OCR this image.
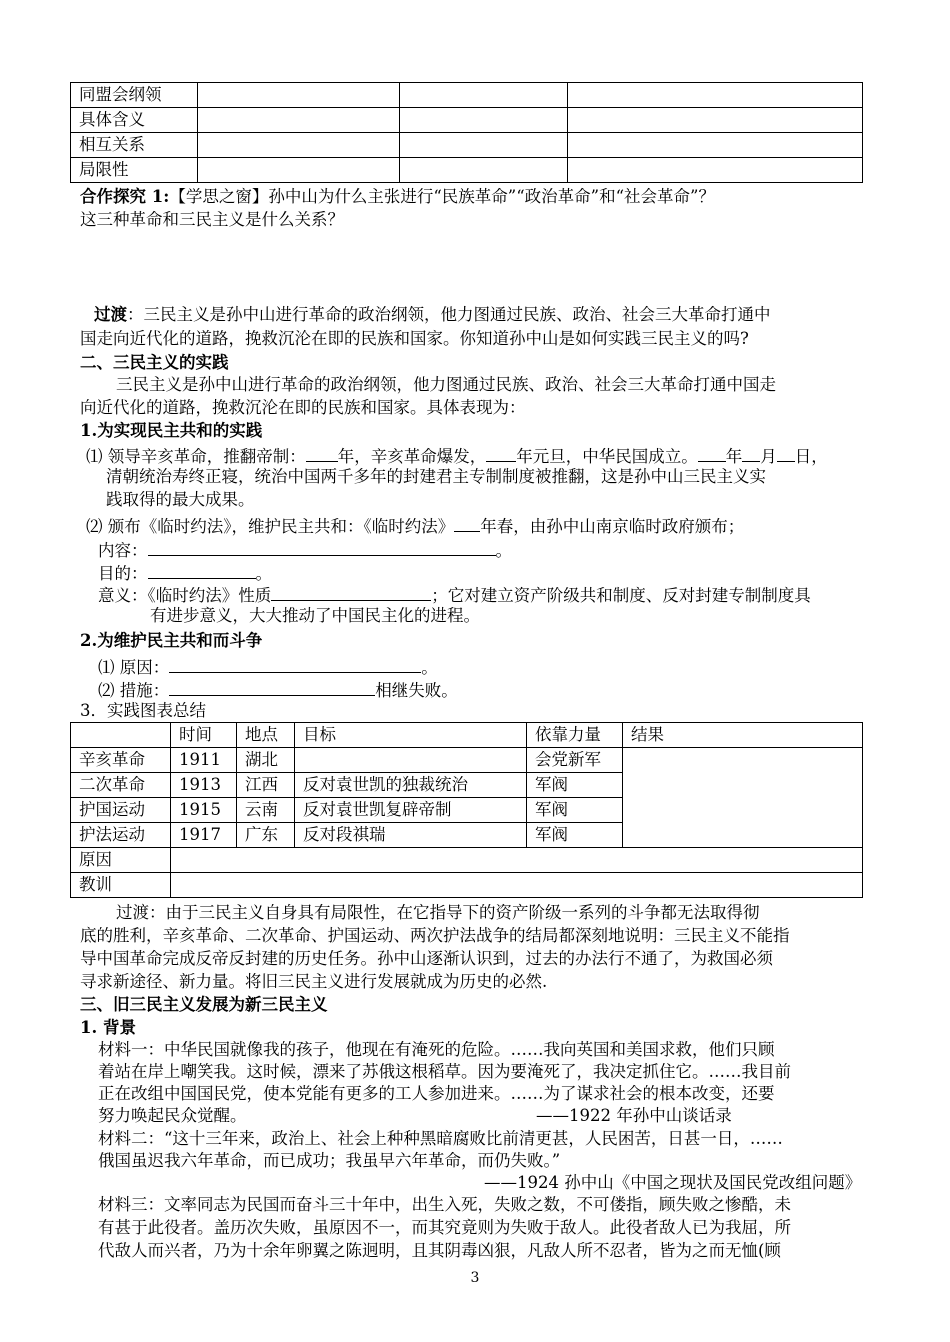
同盟会纲领			
具体含义			
相互关系			
局限性			
合作探究 1:【学思之窗】孙中山为什么主张进行“民族革命”“政治革命”和“社会革命”？
这三种革命和三民主义是什么关系？
过渡：三民主义是孙中山进行革命的政治纲领，他力图通过民族、政治、社会三大革命打通中
国走向近代化的道路，挽救沉沦在即的民族和国家。你知道孙中山是如何实践三民主义的吗?
二、三民主义的实践
三民主义是孙中山进行革命的政治纲领，他力图通过民族、政治、社会三大革命打通中国走
向近代化的道路，挽救沉沦在即的民族和国家。具体表现为：
1.为实现民主共和的实践
⑴ 领导辛亥革命，推翻帝制： 年，辛亥革命爆发， 年元旦，中华民国成立。 年 月 日，
清朝统治寿终正寝，统治中国两千多年的封建君主专制制度被推翻，这是孙中山三民主义实
践取得的最大成果。
⑵ 颁布《临时约法》，维护民主共和：《临时约法》 年春，由孙中山南京临时政府颁布；
内容：	。
目的：	。
意义：《临时约法》性质	；它对建立资产阶级共和制度、反对封建专制制度具
有进步意义，大大推动了中国民主化的进程。
2.为维护民主共和而斗争
⑴ 原因：	。
⑵ 措施：	相继失败。
3．实践图表总结
	时间	地点	目标	依靠力量	结果
辛亥革命	1911	湖北		会党新军	
二次革命	1913	江西	反对袁世凯的独裁统治	军阀	
护国运动	1915	云南	反对袁世凯复辟帝制	军阀	
护法运动	1917	广东	反对段祺瑞	军阀	
原因					
教训					
过渡：由于三民主义自身具有局限性，在它指导下的资产阶级一系列的斗争都无法取得彻
底的胜利，辛亥革命、二次革命、护国运动、两次护法战争的结局都深刻地说明：三民主义不能指
导中国革命完成反帝反封建的历史任务。孙中山逐渐认识到，过去的办法行不通了，为救国必须
寻求新途径、新力量。将旧三民主义进行发展就成为历史的必然.
三、旧三民主义发展为新三民主义
1. 背景
材料一：中华民国就像我的孩子，他现在有淹死的危险。……我向英国和美国求救，他们只顾
着站在岸上嘲笑我。这时候，漂来了苏俄这根稻草。因为要淹死了，我决定抓住它。……我目前
正在改组中国国民党，使本党能有更多的工人参加进来。……为了谋求社会的根本改变，还要
努力唤起民众觉醒。	——1922 年孙中山谈话录
材料二：“这十三年来，政治上、社会上种种黑暗腐败比前清更甚，人民困苦，日甚一日，……
俄国虽迟我六年革命，而已成功；我虽早六年革命，而仍失败。”
——1924 孙中山《中国之现状及国民党改组问题》
材料三：文率同志为民国而奋斗三十年中，出生入死，失败之数，不可偻指，顾失败之惨酷，未
有甚于此役者。盖历次失败，虽原因不一，而其究竟则为失败于敌人。此役者敌人已为我屈，所
代敌人而兴者，乃为十余年卵翼之陈迥明，且其阴毒凶狠，凡敌人所不忍者，皆为之而无恤(顾
3
